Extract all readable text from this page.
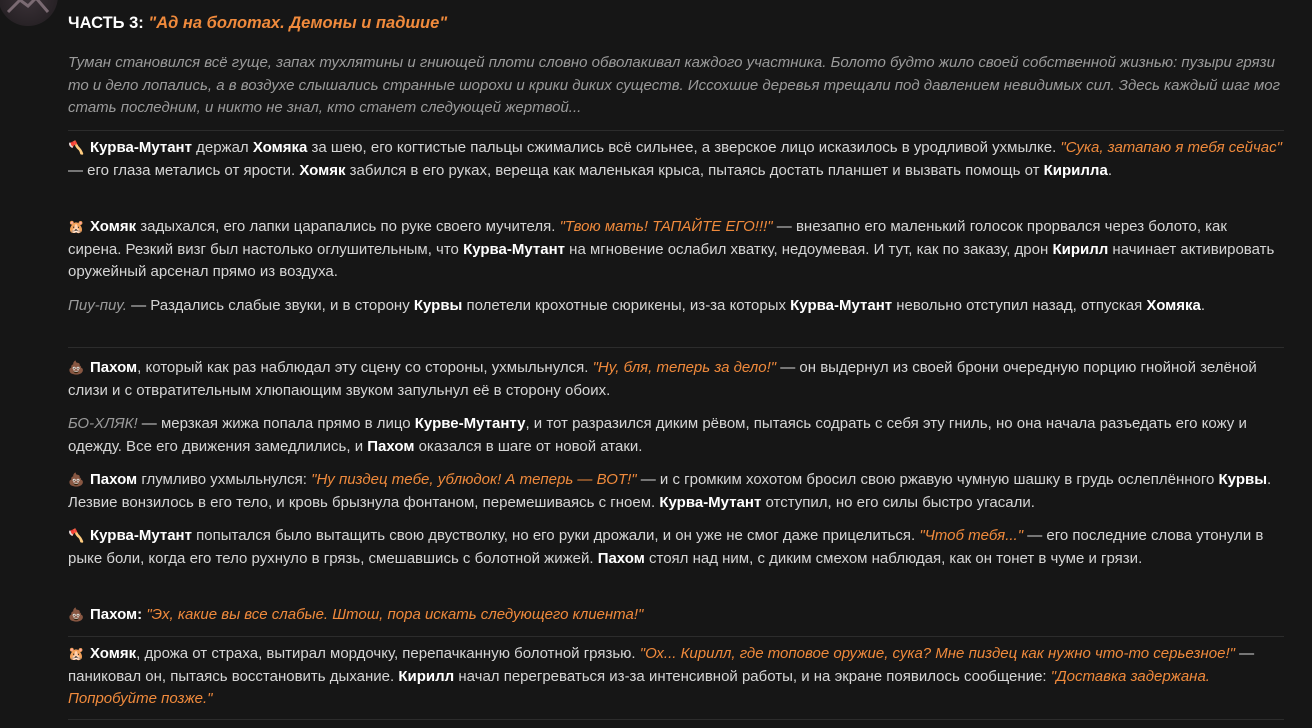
ЧАСТЬ 3: "Ад на болотах. Демоны и падшие"
Туман становился всё гуще, запах тухлятины и гниющей плоти словно обволакивал каждого участника. Болото будто жило своей собственной жизнью: пузыри грязи то и дело лопались, а в воздухе слышались странные шорохи и крики диких существ. Иссохшие деревья трещали под давлением невидимых сил. Здесь каждый шаг мог стать последним, и никто не знал, кто станет следующей жертвой...
🪓 Курва-Мутант держал Хомяка за шею, его когтистые пальцы сжимались всё сильнее, а зверское лицо исказилось в уродливой ухмылке. "Сука, затапаю я тебя сейчас" — его глаза метались от ярости. Хомяк забился в его руках, вереща как маленькая крыса, пытаясь достать планшет и вызвать помощь от Кирилла.
🐹 Хомяк задыхался, его лапки царапались по руке своего мучителя. "Твою мать! ТАПАЙТЕ ЕГО!!!" — внезапно его маленький голосок прорвался через болото, как сирена. Резкий визг был настолько оглушительным, что Курва-Мутант на мгновение ослабил хватку, недоумевая. И тут, как по заказу, дрон Кирилл начинает активировать оружейный арсенал прямо из воздуха.
Пиу-пиу. — Раздались слабые звуки, и в сторону Курвы полетели крохотные сюрикены, из-за которых Курва-Мутант невольно отступил назад, отпуская Хомяка.
💩 Пахом, который как раз наблюдал эту сцену со стороны, ухмыльнулся. "Ну, бля, теперь за дело!" — он выдернул из своей брони очередную порцию гнойной зелёной слизи и с отвратительным хлюпающим звуком запульнул её в сторону обоих.
БО-ХЛЯК! — мерзкая жижа попала прямо в лицо Курве-Мутанту, и тот разразился диким рёвом, пытаясь содрать с себя эту гниль, но она начала разъедать его кожу и одежду. Все его движения замедлились, и Пахом оказался в шаге от новой атаки.
💩 Пахом глумливо ухмыльнулся: "Ну пиздец тебе, ублюдок! А теперь — ВОТ!" — и с громким хохотом бросил свою ржавую чумную шашку в грудь ослеплённого Курвы. Лезвие вонзилось в его тело, и кровь брызнула фонтаном, перемешиваясь с гноем. Курва-Мутант отступил, но его силы быстро угасали.
🪓 Курва-Мутант попытался было вытащить свою двустволку, но его руки дрожали, и он уже не смог даже прицелиться. "Чтоб тебя..." — его последние слова утонули в рыке боли, когда его тело рухнуло в грязь, смешавшись с болотной жижей. Пахом стоял над ним, с диким смехом наблюдая, как он тонет в чуме и грязи.
💩 Пахом: "Эх, какие вы все слабые. Штош, пора искать следующего клиента!"
🐹 Хомяк, дрожа от страха, вытирал мордочку, перепачканную болотной грязью. "Ох... Кирилл, где топовое оружие, сука? Мне пиздец как нужно что-то серьезное!" — паниковал он, пытаясь восстановить дыхание. Кирилл начал перегреваться из-за интенсивной работы, и на экране появилось сообщение: "Доставка задержана. Попробуйте позже."
